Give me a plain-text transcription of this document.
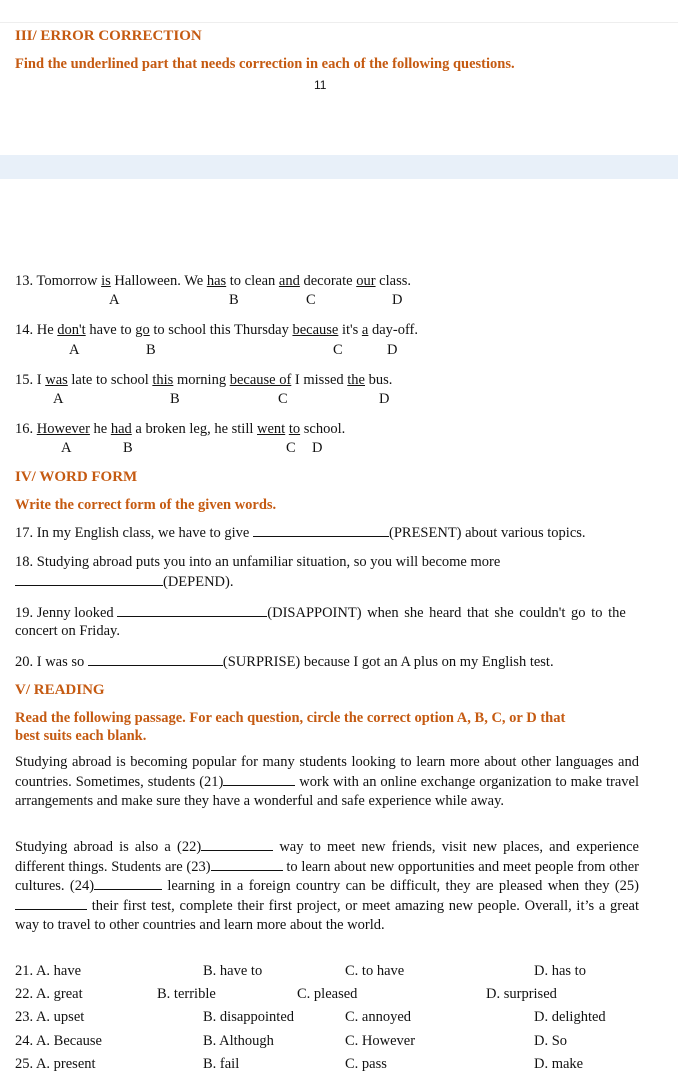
III/ ERROR CORRECTION
Find the underlined part that needs correction in each of the following questions.
11
13. Tomorrow is Halloween. We has to clean and decorate our class.
A	B	C	D
14. He don't have to go to school this Thursday because it's a day-off.
A	B	C	D
15. I was late to school this morning because of I missed the bus.
A	B	C	D
16. However he had a broken leg, he still went to school.
A	B	C D
IV/ WORD FORM
Write the correct form of the given words.
17. In my English class, we have to give	(PRESENT) about various topics.
18. Studying abroad puts you into an unfamiliar situation, so you will become more
(DEPEND).
19. Jenny looked	(DISAPPOINT) when she heard that she couldn't go to the
concert on Friday.
20. I was so	(SURPRISE) because I got an A plus on my English test.
V/ READING
Read the following passage. For each question, circle the correct option A, B, C, or D that
best suits each blank.
Studying abroad is becoming popular for many students looking to learn more about other languages and countries. Sometimes, students (21)	work with an online exchange organization to make travel arrangements and make sure they have a wonderful and safe experience while away.
Studying abroad is also a (22)	way to meet new friends, visit new places, and experience different things. Students are (23)	to learn about new opportunities and meet people from other cultures. (24)	learning in a foreign country can be difficult, they are pleased when they (25) their first test, complete their first project, or meet amazing new people. Overall, it’s a great way to travel to other countries and learn more about the world.
21. A. have	B. have to	C. to have	D. has to
22. A. great	B. terrible	C. pleased	D. surprised
23. A. upset	B. disappointed	C. annoyed	D. delighted
24. A. Because	B. Although	C. However	D. So
25. A. present	B. fail	C. pass	D. make
